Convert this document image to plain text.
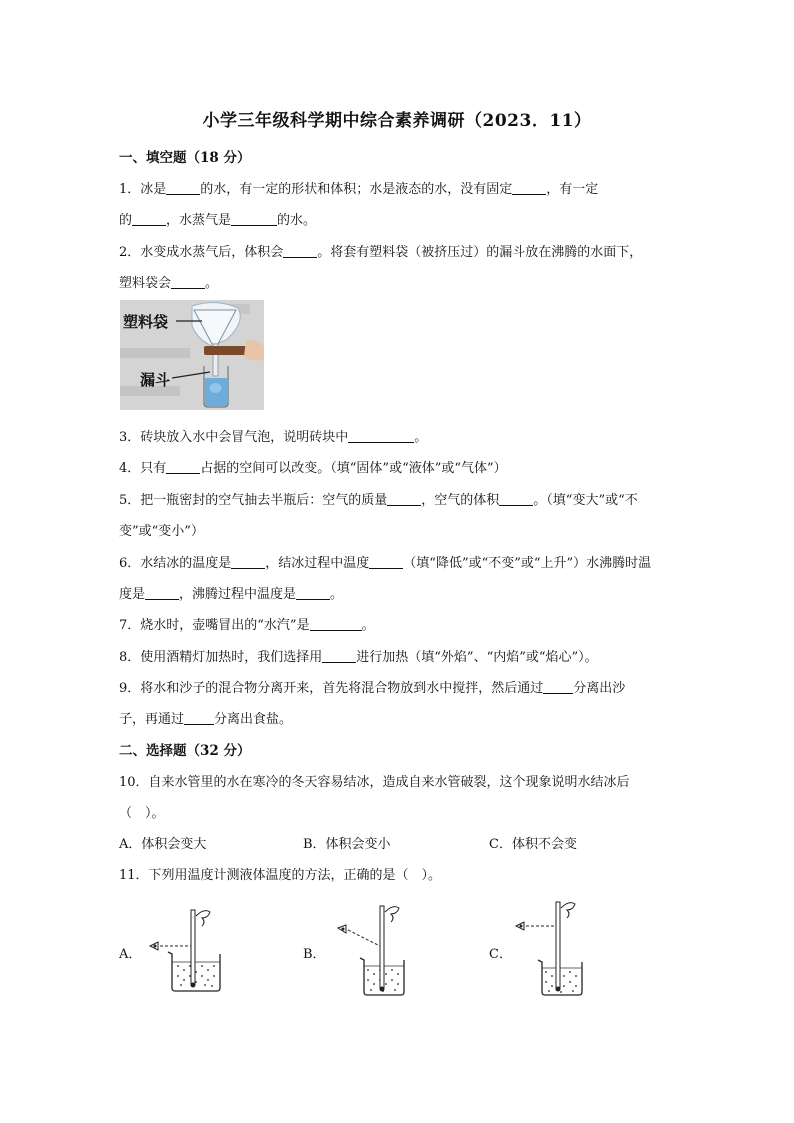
小学三年级科学期中综合素养调研（2023．11）
一、填空题（18 分）
1．冰是	的水，有一定的形状和体积；水是液态的水，没有固定	，有一定
的	，水蒸气是	的水。
2．水变成水蒸气后，体积会	。将套有塑料袋（被挤压过）的漏斗放在沸腾的水面下，
塑料袋会	。
塑料袋
漏斗
3．砖块放入水中会冒气泡，说明砖块中	。
4．只有	占据的空间可以改变。（填“固体”或“液体”或“气体”）
5．把一瓶密封的空气抽去半瓶后：空气的质量	，空气的体积	。（填“变大”或“不
变”或“变小”）
6．水结冰的温度是	，结冰过程中温度	（填“降低”或“不变”或“上升”）水沸腾时温
度是	，沸腾过程中温度是	。
7．烧水时，壶嘴冒出的“水汽”是	。
8．使用酒精灯加热时，我们选择用	进行加热（填“外焰”、“内焰”或“焰心”）。
9．将水和沙子的混合物分离开来，首先将混合物放到水中搅拌，然后通过 分离出沙
子，再通过 分离出食盐。
二、选择题（32 分）
10．自来水管里的水在寒冷的冬天容易结冰，造成自来水管破裂，这个现象说明水结冰后
（　）。
A．体积会变大	B．体积会变小	C．体积不会变
11．下列用温度计测液体温度的方法，正确的是（　）。
A．	B．	C．
